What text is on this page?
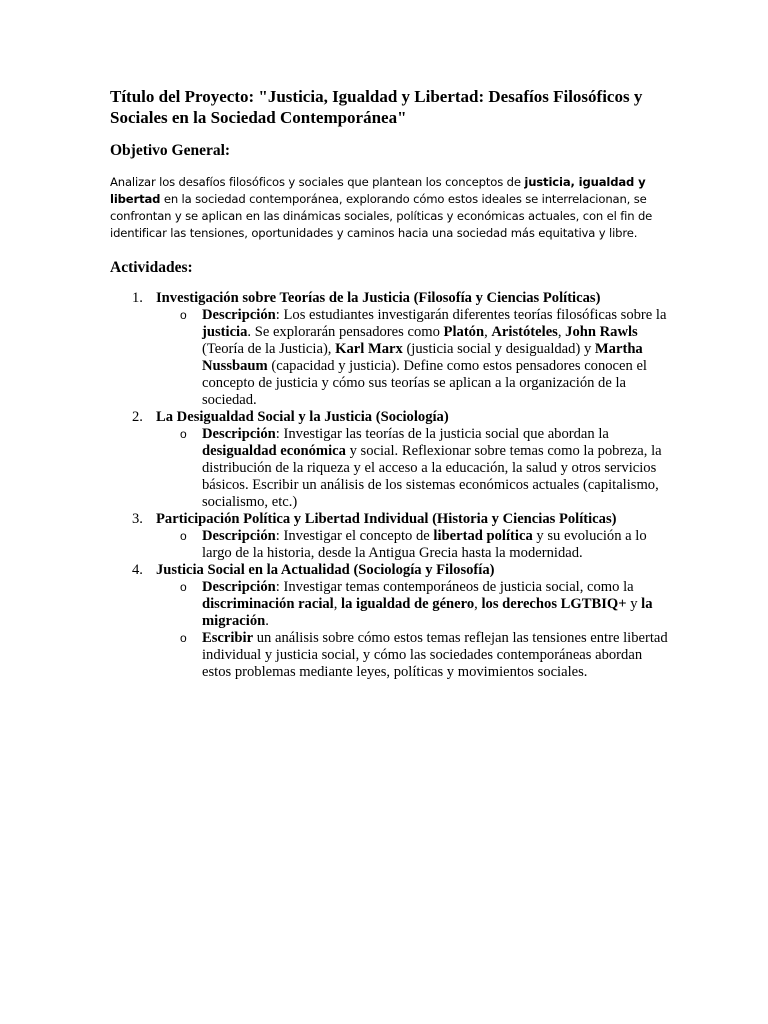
Título del Proyecto: "Justicia, Igualdad y Libertad: Desafíos Filosóficos y Sociales en la Sociedad Contemporánea"
Objetivo General:

Analizar los desafíos filosóficos y sociales que plantean los conceptos de justicia, igualdad y libertad en la sociedad contemporánea, explorando cómo estos ideales se interrelacionan, se confrontan y se aplican en las dinámicas sociales, políticas y económicas actuales, con el fin de identificar las tensiones, oportunidades y caminos hacia una sociedad más equitativa y libre.

Actividades:
1. Investigación sobre Teorías de la Justicia (Filosofía y Ciencias Políticas)
o Descripción: Los estudiantes investigarán diferentes teorías filosóficas sobre la justicia. Se explorarán pensadores como Platón, Aristóteles, John Rawls (Teoría de la Justicia), Karl Marx (justicia social y desigualdad) y Martha Nussbaum (capacidad y justicia). Define como estos pensadores conocen el concepto de justicia y cómo sus teorías se aplican a la organización de la sociedad.
2. La Desigualdad Social y la Justicia (Sociología)
o Descripción: Investigar las teorías de la justicia social que abordan la desigualdad económica y social. Reflexionar sobre temas como la pobreza, la distribución de la riqueza y el acceso a la educación, la salud y otros servicios básicos. Escribir un análisis de los sistemas económicos actuales (capitalismo, socialismo, etc.)
3. Participación Política y Libertad Individual (Historia y Ciencias Políticas)
o Descripción: Investigar el concepto de libertad política y su evolución a lo largo de la historia, desde la Antigua Grecia hasta la modernidad.
4. Justicia Social en la Actualidad (Sociología y Filosofía)
o Descripción: Investigar temas contemporáneos de justicia social, como la discriminación racial, la igualdad de género, los derechos LGTBIQ+ y la migración.
o Escribir un análisis sobre cómo estos temas reflejan las tensiones entre libertad individual y justicia social, y cómo las sociedades contemporáneas abordan estos problemas mediante leyes, políticas y movimientos sociales.
